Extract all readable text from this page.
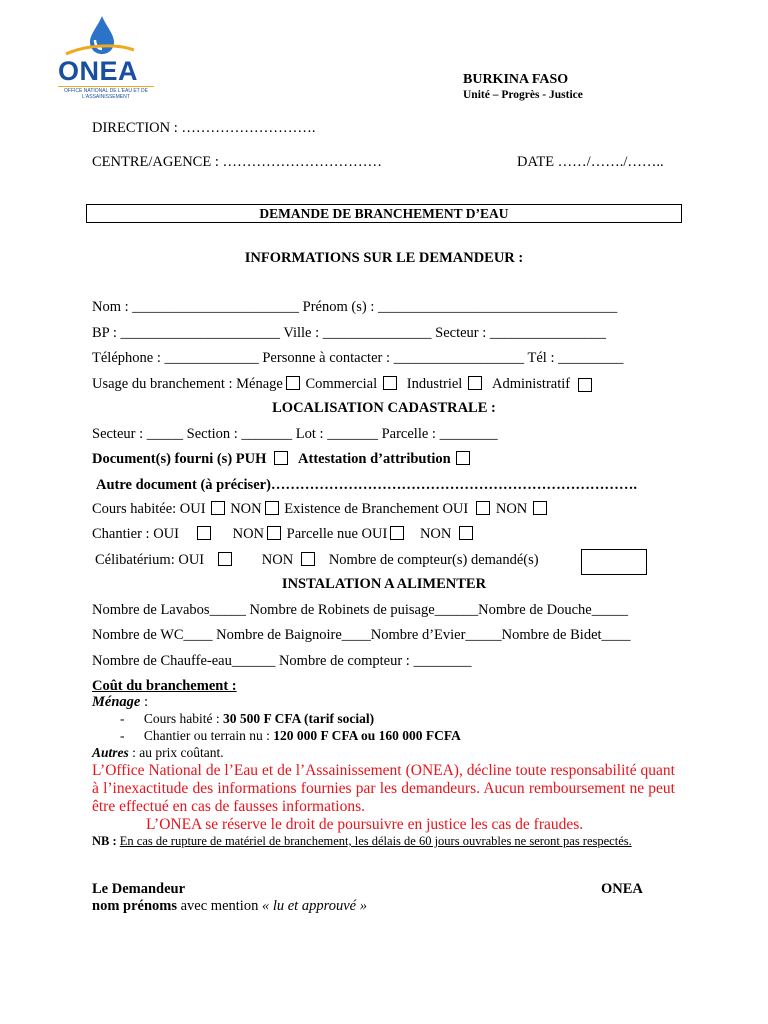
ONEA
OFFICE NATIONAL DE L'EAU ET DE
L'ASSAINISSEMENT
BURKINA FASO
Unité – Progrès - Justice
DIRECTION : ……………………….
CENTRE/AGENCE : ……………………………	DATE ……/……./……..
DEMANDE DE BRANCHEMENT D’EAU
INFORMATIONS SUR LE DEMANDEUR :
Nom : _______________________ Prénom (s) : _________________________________
BP : ______________________ Ville : _______________ Secteur : ________________
Téléphone : _____________ Personne à contacter : __________________ Tél : _________
Usage du branchement : Ménage Commercial Industriel Administratif
LOCALISATION CADASTRALE :
Secteur : _____ Section : _______ Lot : _______ Parcelle : ________
Document(s) fourni (s) PUH Attestation d’attribution
Autre document (à préciser)………………………………………………………………….
Cours habitée: OUI NON Existence de Branchement OUI NON
Chantier : OUI	NON Parcelle nue OUI NON
Célibatérium: OUI	NON Nombre de compteur(s) demandé(s)
INSTALATION A ALIMENTER
Nombre de Lavabos_____ Nombre de Robinets de puisage______Nombre de Douche_____
Nombre de WC____ Nombre de Baignoire____Nombre d’Evier_____Nombre de Bidet____
Nombre de Chauffe-eau______ Nombre de compteur : ________
Coût du branchement :
Ménage :
- Cours habité : 30 500 F CFA (tarif social)
- Chantier ou terrain nu : 120 000 F CFA ou 160 000 FCFA
Autres : au prix coûtant.
L’Office National de l’Eau et de l’Assainissement (ONEA), décline toute responsabilité quant à l’inexactitude des informations fournies par les demandeurs. Aucun remboursement ne peut être effectué en cas de fausses informations.
L’ONEA se réserve le droit de poursuivre en justice les cas de fraudes.
NB : En cas de rupture de matériel de branchement, les délais de 60 jours ouvrables ne seront pas respectés.
Le Demandeur	ONEA
nom prénoms avec mention « lu et approuvé »
